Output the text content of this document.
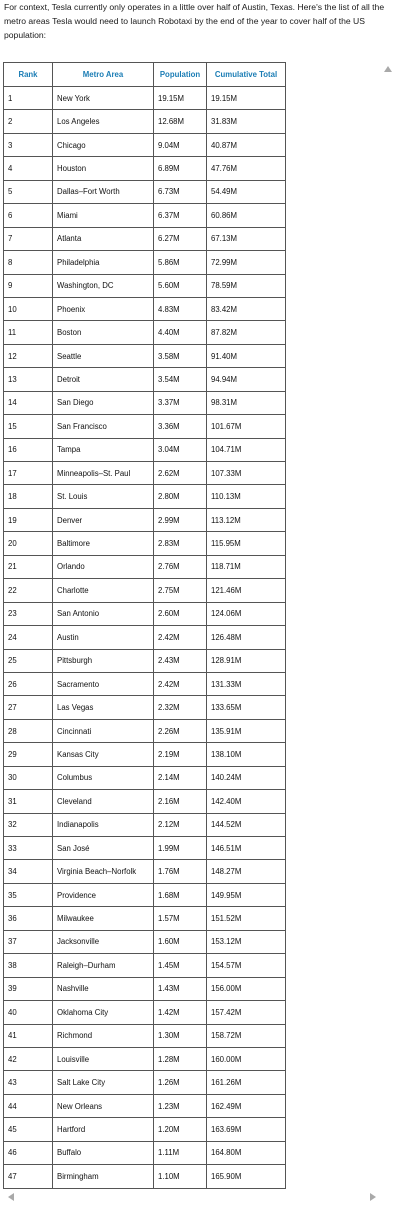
For context, Tesla currently only operates in a little over half of Austin, Texas. Here's the list of all the metro areas Tesla would need to launch Robotaxi by the end of the year to cover half of the US population:
Rank	Metro Area	Population	Cumulative Total
1	New York	19.15M	19.15M
2	Los Angeles	12.68M	31.83M
3	Chicago	9.04M	40.87M
4	Houston	6.89M	47.76M
5	Dallas–Fort Worth	6.73M	54.49M
6	Miami	6.37M	60.86M
7	Atlanta	6.27M	67.13M
8	Philadelphia	5.86M	72.99M
9	Washington, DC	5.60M	78.59M
10	Phoenix	4.83M	83.42M
11	Boston	4.40M	87.82M
12	Seattle	3.58M	91.40M
13	Detroit	3.54M	94.94M
14	San Diego	3.37M	98.31M
15	San Francisco	3.36M	101.67M
16	Tampa	3.04M	104.71M
17	Minneapolis–St. Paul	2.62M	107.33M
18	St. Louis	2.80M	110.13M
19	Denver	2.99M	113.12M
20	Baltimore	2.83M	115.95M
21	Orlando	2.76M	118.71M
22	Charlotte	2.75M	121.46M
23	San Antonio	2.60M	124.06M
24	Austin	2.42M	126.48M
25	Pittsburgh	2.43M	128.91M
26	Sacramento	2.42M	131.33M
27	Las Vegas	2.32M	133.65M
28	Cincinnati	2.26M	135.91M
29	Kansas City	2.19M	138.10M
30	Columbus	2.14M	140.24M
31	Cleveland	2.16M	142.40M
32	Indianapolis	2.12M	144.52M
33	San José	1.99M	146.51M
34	Virginia Beach–Norfolk	1.76M	148.27M
35	Providence	1.68M	149.95M
36	Milwaukee	1.57M	151.52M
37	Jacksonville	1.60M	153.12M
38	Raleigh–Durham	1.45M	154.57M
39	Nashville	1.43M	156.00M
40	Oklahoma City	1.42M	157.42M
41	Richmond	1.30M	158.72M
42	Louisville	1.28M	160.00M
43	Salt Lake City	1.26M	161.26M
44	New Orleans	1.23M	162.49M
45	Hartford	1.20M	163.69M
46	Buffalo	1.11M	164.80M
47	Birmingham	1.10M	165.90M
